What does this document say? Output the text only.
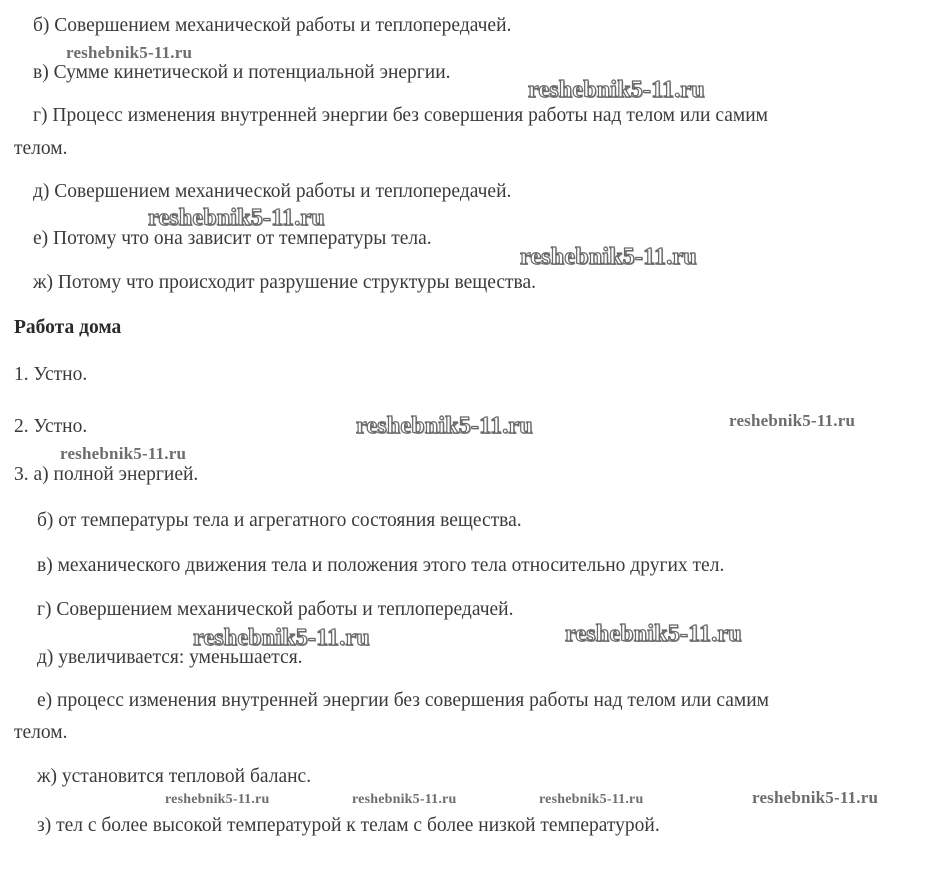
б) Совершением механической работы и теплопередачей.
в) Сумме кинетической и потенциальной энергии.
г) Процесс изменения внутренней энергии без совершения работы над телом или самим
телом.
д) Совершением механической работы и теплопередачей.
е) Потому что она зависит от температуры тела.
ж) Потому что происходит разрушение структуры вещества.
Работа дома
1. Устно.
2. Устно.
3. а) полной энергией.
б) от температуры тела и агрегатного состояния вещества.
в) механического движения тела и положения этого тела относительно других тел.
г) Совершением механической работы и теплопередачей.
д) увеличивается: уменьшается.
е) процесс изменения внутренней энергии без совершения работы над телом или самим
телом.
ж) установится тепловой баланс.
з) тел с более высокой температурой к телам с более низкой температурой.
reshebnik5-11.ru
reshebnik5-11.ru
reshebnik5-11.ru
reshebnik5-11.ru
reshebnik5-11.ru	reshebnik5-11.ru
reshebnik5-11.ru
reshebnik5-11.ru	reshebnik5-11.ru
reshebnik5-11.ru	reshebnik5-11.ru	reshebnik5-11.ru	reshebnik5-11.ru
